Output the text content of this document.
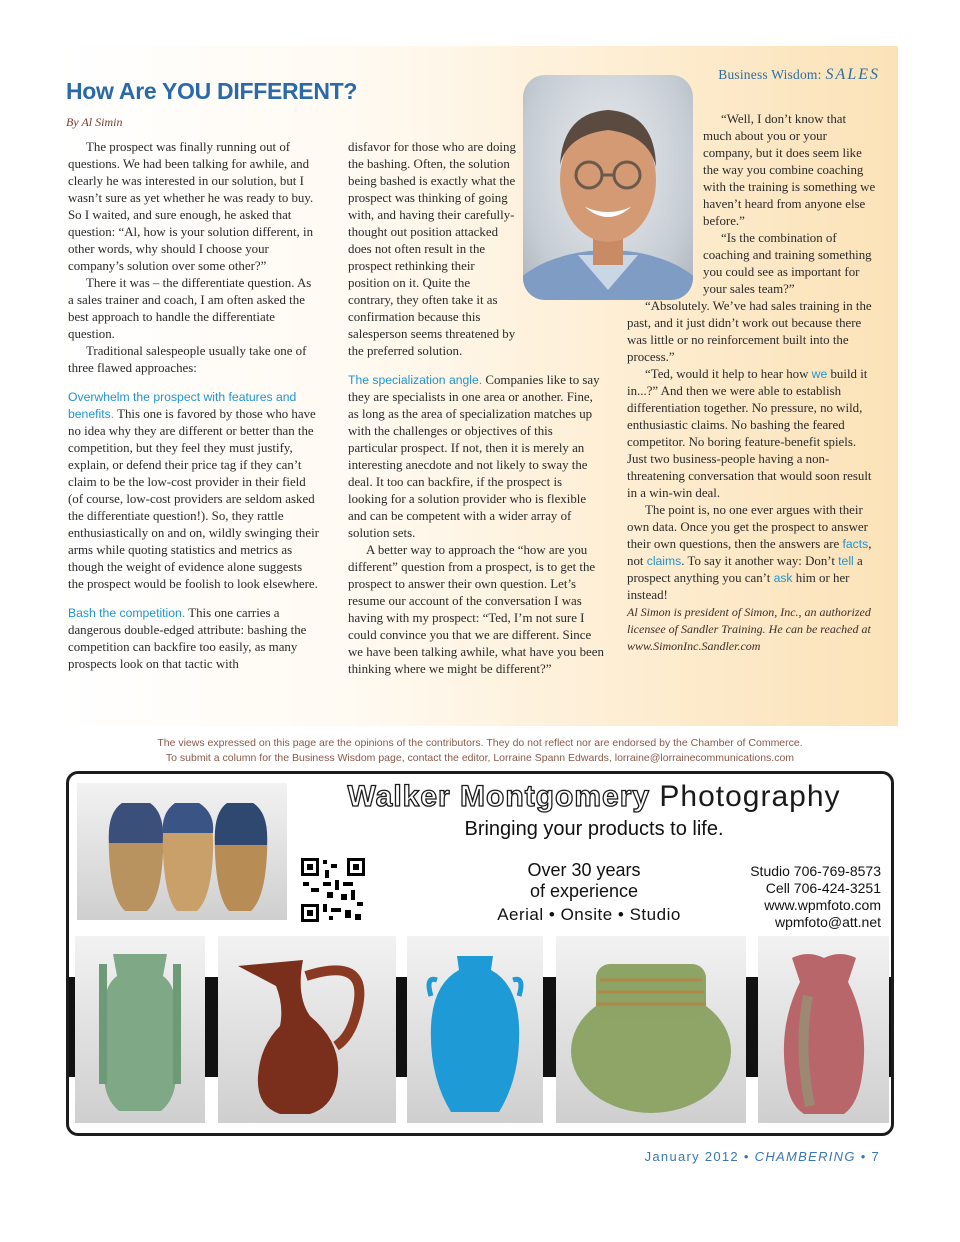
Business Wisdom: SALES
How Are YOU DIFFERENT?
By Al Simin

The prospect was finally running out of questions. We had been talking for awhile, and clearly he was interested in our solution, but I wasn’t sure as yet whether he was ready to buy. So I waited, and sure enough, he asked that question: “Al, how is your solution different, in other words, why should I choose your company’s solution over some other?”

There it was – the differentiate question. As a sales trainer and coach, I am often asked the best approach to handle the differentiate question.

Traditional salespeople usually take one of three flawed approaches:

Overwhelm the prospect with features and benefits. This one is favored by those who have no idea why they are different or better than the competition, but they feel they must justify, explain, or defend their price tag if they can’t claim to be the low-cost provider in their field (of course, low-cost providers are seldom asked the differentiate question!). So, they rattle enthusiastically on and on, wildly swinging their arms while quoting statistics and metrics as though the weight of evidence alone suggests the prospect would be foolish to look elsewhere.

Bash the competition. This one carries a dangerous double-edged attribute: bashing the competition can backfire too easily, as many prospects look on that tactic with

disfavor for those who are doing the bashing. Often, the solution being bashed is exactly what the prospect was thinking of going with, and having their carefully-thought out position attacked does not often result in the prospect rethinking their position on it. Quite the contrary, they often take it as confirmation because this salesperson seems threatened by the preferred solution.

The specialization angle. Companies like to say they are specialists in one area or another. Fine, as long as the area of specialization matches up with the challenges or objectives of this particular prospect. If not, then it is merely an interesting anecdote and not likely to sway the deal. It too can backfire, if the prospect is looking for a solution provider who is flexible and can be competent with a wider array of solution sets.

A better way to approach the “how are you different” question from a prospect, is to get the prospect to answer their own question. Let’s resume our account of the conversation I was having with my prospect: “Ted, I’m not sure I could convince you that we are different. Since we have been talking awhile, what have you been thinking where we might be different?”

“Well, I don’t know that much about you or your company, but it does seem like the way you combine coaching with the training is something we haven’t heard from anyone else before.”

“Is the combination of coaching and training something you could see as important for your sales team?”

“Absolutely. We’ve had sales training in the past, and it just didn’t work out because there was little or no reinforcement built into the process.”

“Ted, would it help to hear how we build it in...?” And then we were able to establish differentiation together. No pressure, no wild, enthusiastic claims. No bashing the feared competitor. No boring feature-benefit spiels. Just two business-people having a non-threatening conversation that would soon result in a win-win deal.

The point is, no one ever argues with their own data. Once you get the prospect to answer their own questions, then the answers are facts, not claims. To say it another way: Don’t tell a prospect anything you can’t ask him or her instead!

Al Simon is president of Simon, Inc., an authorized licensee of Sandler Training. He can be reached at www.SimonInc.Sandler.com

The views expressed on this page are the opinions of the contributors. They do not reflect nor are endorsed by the Chamber of Commerce.
To submit a column for the Business Wisdom page, contact the editor, Lorraine Spann Edwards, lorraine@lorrainecommunications.com
Walker Montgomery Photography
Bringing your products to life.
Over 30 years
of experience
Aerial • Onsite • Studio
Studio 706-769-8573
Cell 706-424-3251
www.wpmfoto.com
wpmfoto@att.net
January 2012 • CHAMBERING • 7
